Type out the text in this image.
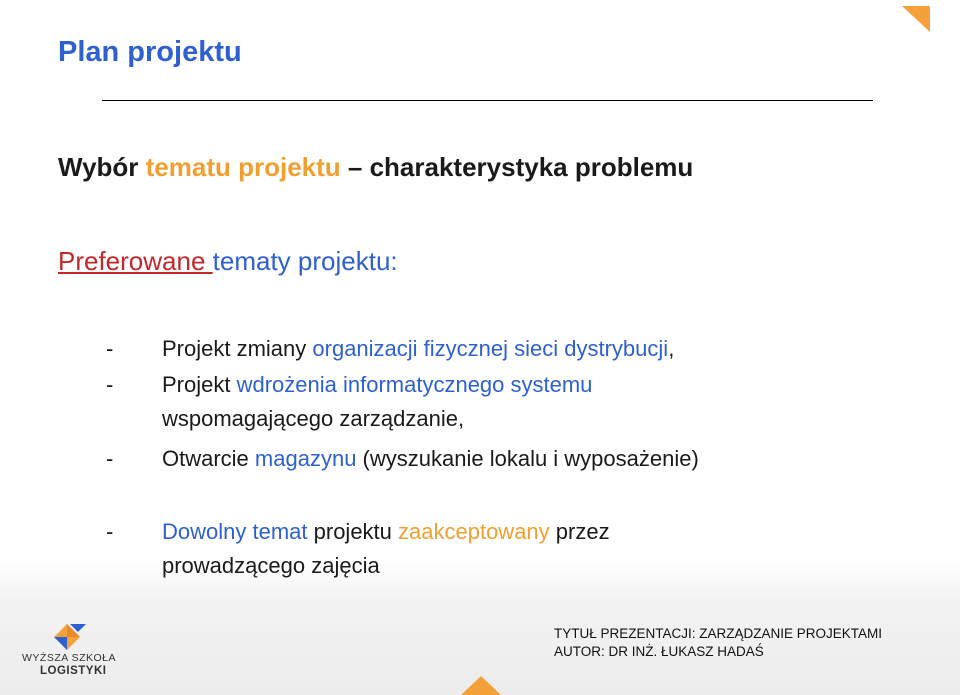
Plan projektu
Wybór tematu projektu – charakterystyka problemu
Preferowane tematy projektu:
- Projekt zmiany organizacji fizycznej sieci dystrybucji,
- Projekt wdrożenia informatycznego systemu
wspomagającego zarządzanie,
- Otwarcie magazynu (wyszukanie lokalu i wyposażenie)
- Dowolny temat projektu zaakceptowany przez
prowadzącego zajęcia
TYTUŁ PREZENTACJI: ZARZĄDZANIE PROJEKTAMI
AUTOR: DR INŻ. ŁUKASZ HADAŚ
WYŻSZA SZKOŁA
LOGISTYKI
